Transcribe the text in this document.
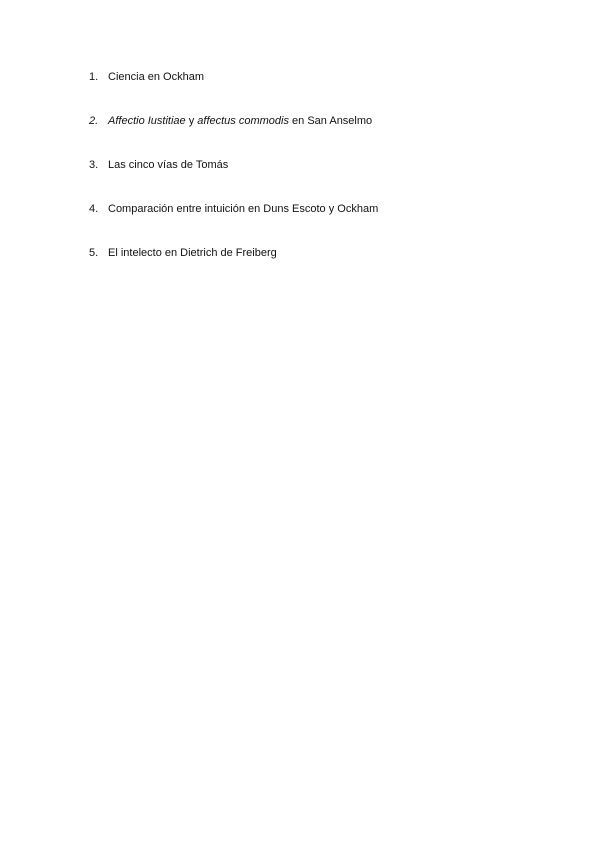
1. Ciencia en Ockham
2. Affectio Iustitiae y affectus commodis en San Anselmo
3. Las cinco vías de Tomás
4. Comparación entre intuición en Duns Escoto y Ockham
5. El intelecto en Dietrich de Freiberg
